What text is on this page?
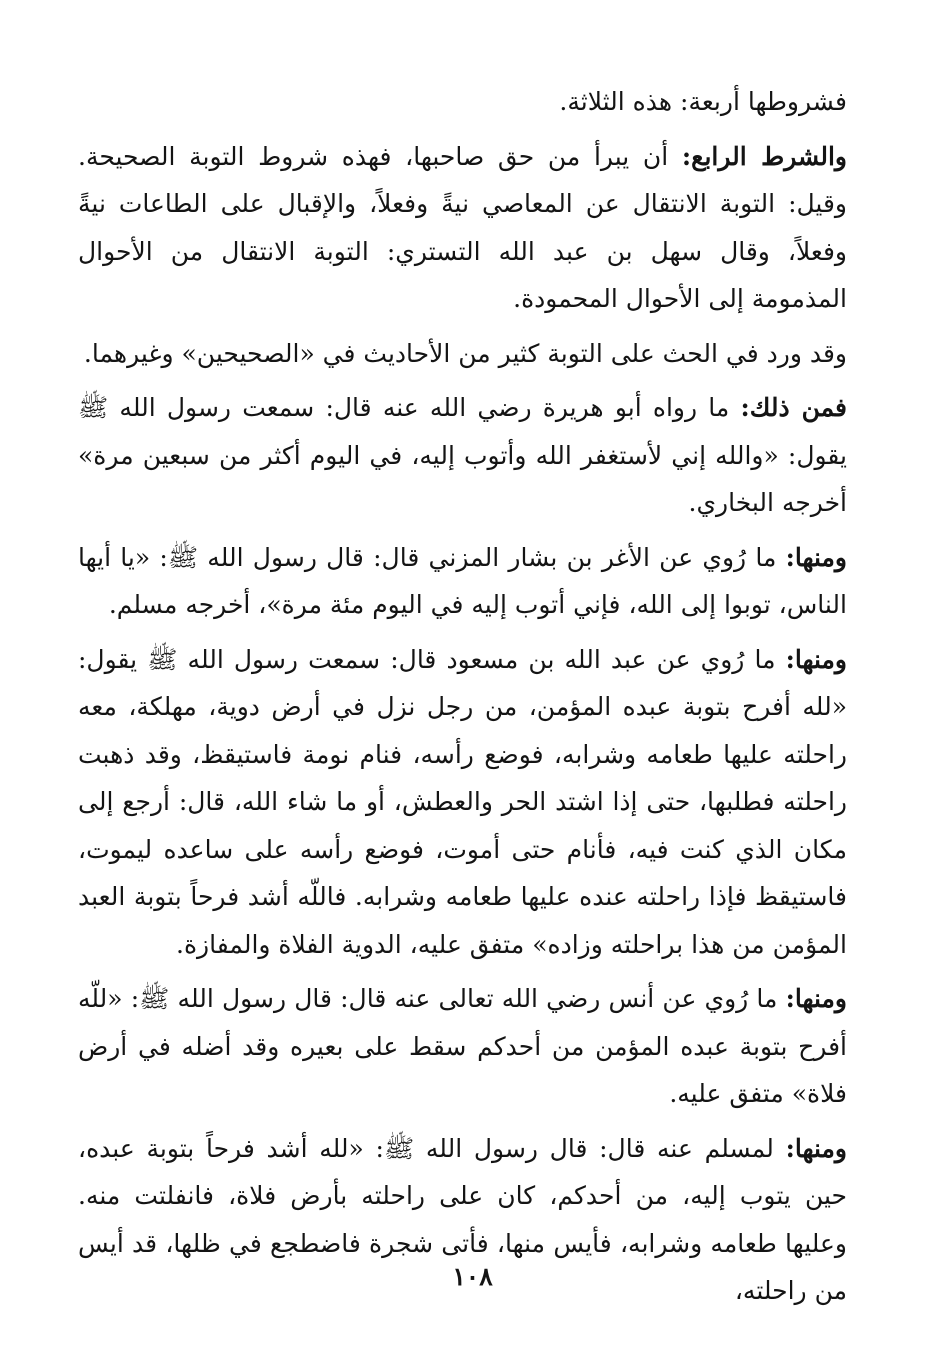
فشروطها أربعة: هذه الثلاثة.

والشرط الرابع: أن يبرأ من حق صاحبها، فهذه شروط التوبة الصحيحة. وقيل: التوبة الانتقال عن المعاصي نيةً وفعلاً، والإقبال على الطاعات نيةً وفعلاً، وقال سهل بن عبد الله التستري: التوبة الانتقال من الأحوال المذمومة إلى الأحوال المحمودة.

وقد ورد في الحث على التوبة كثير من الأحاديث في «الصحيحين» وغيرهما.

فمن ذلك: ما رواه أبو هريرة رضي الله عنه قال: سمعت رسول الله ﷺ يقول: «والله إني لأستغفر الله وأتوب إليه، في اليوم أكثر من سبعين مرة» أخرجه البخاري.

ومنها: ما رُوي عن الأغر بن بشار المزني قال: قال رسول الله ﷺ: «يا أيها الناس، توبوا إلى الله، فإني أتوب إليه في اليوم مئة مرة»، أخرجه مسلم.

ومنها: ما رُوي عن عبد الله بن مسعود قال: سمعت رسول الله ﷺ يقول: «لله أفرح بتوبة عبده المؤمن، من رجل نزل في أرض دوية، مهلكة، معه راحلته عليها طعامه وشرابه، فوضع رأسه، فنام نومة فاستيقظ، وقد ذهبت راحلته فطلبها، حتى إذا اشتد الحر والعطش، أو ما شاء الله، قال: أرجع إلى مكان الذي كنت فيه، فأنام حتى أموت، فوضع رأسه على ساعده ليموت، فاستيقظ فإذا راحلته عنده عليها طعامه وشرابه. فاللّه أشد فرحاً بتوبة العبد المؤمن من هذا براحلته وزاده» متفق عليه، الدوية الفلاة والمفازة.

ومنها: ما رُوي عن أنس رضي الله تعالى عنه قال: قال رسول الله ﷺ: «للّه أفرح بتوبة عبده المؤمن من أحدكم سقط على بعيره وقد أضله في أرض فلاة» متفق عليه.

ومنها: لمسلم عنه قال: قال رسول الله ﷺ: «لله أشد فرحاً بتوبة عبده، حين يتوب إليه، من أحدكم، كان على راحلته بأرض فلاة، فانفلتت منه. وعليها طعامه وشرابه، فأيس منها، فأتى شجرة فاضطجع في ظلها، قد أيس من راحلته،

١٠٨
